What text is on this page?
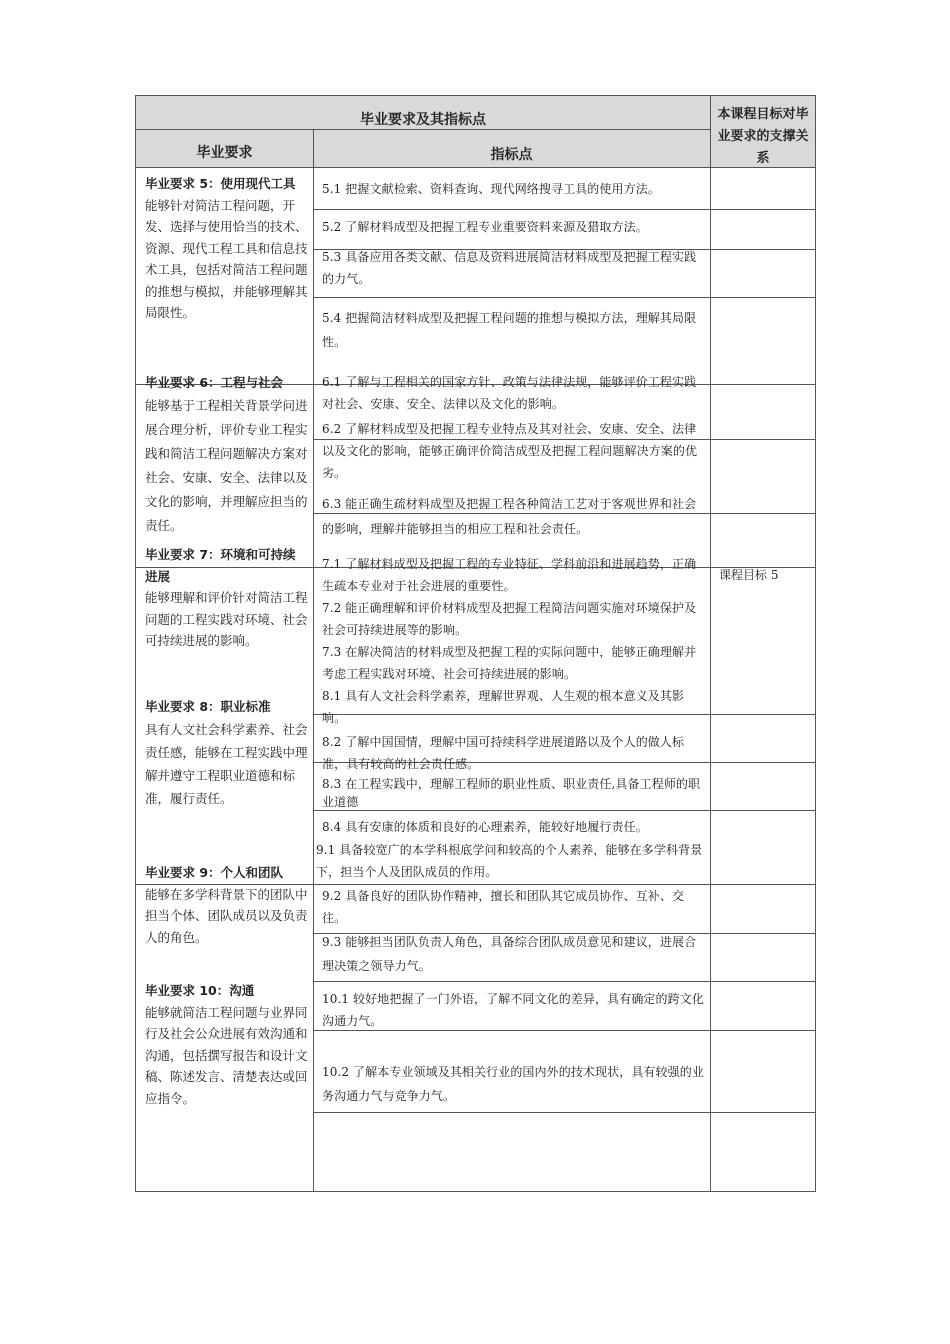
毕业要求及其指标点
毕业要求	指标点
本课程目标对毕业要求的支撑关系
毕业要求 5：使用现代工具
能够针对简洁工程问题，开发、选择与使用恰当的技术、资源、现代工程工具和信息技术工具，包括对简洁工程问题的推想与模拟，并能够理解其局限性。
毕业要求 6：工程与社会
能够基于工程相关背景学问进展合理分析，评价专业工程实践和简洁工程问题解决方案对社会、安康、安全、法律以及文化的影响，并理解应担当的责任。
毕业要求 7：环境和可持续进展
能够理解和评价针对简洁工程问题的工程实践对环境、社会可持续进展的影响。
毕业要求 8：职业标准
具有人文社会科学素养、社会责任感，能够在工程实践中理解并遵守工程职业道德和标准，履行责任。
毕业要求 9：个人和团队
能够在多学科背景下的团队中担当个体、团队成员以及负责人的角色。
毕业要求 10：沟通
能够就简洁工程问题与业界同行及社会公众进展有效沟通和沟通，包括撰写报告和设计文稿、陈述发言、清楚表达或回应指令。
5.1 把握文献检索、资料查询、现代网络搜寻工具的使用方法。
5.2 了解材料成型及把握工程专业重要资料来源及猎取方法。
5.3 具备应用各类文献、信息及资料进展简洁材料成型及把握工程实践的力气。
5.4 把握简洁材料成型及把握工程问题的推想与模拟方法，理解其局限性。
6.1 了解与工程相关的国家方针、政策与法律法规，能够评价工程实践对社会、安康、安全、法律以及文化的影响。
6.2 了解材料成型及把握工程专业特点及其对社会、安康、安全、法律以及文化的影响，能够正确评价简洁成型及把握工程问题解决方案的优劣。
6.3 能正确生疏材料成型及把握工程各种简洁工艺对于客观世界和社会的影响，理解并能够担当的相应工程和社会责任。
7.1 了解材料成型及把握工程的专业特征、学科前沿和进展趋势，正确生疏本专业对于社会进展的重要性。
7.2 能正确理解和评价材料成型及把握工程简洁问题实施对环境保护及社会可持续进展等的影响。
7.3 在解决简洁的材料成型及把握工程的实际问题中，能够正确理解并考虑工程实践对环境、社会可持续进展的影响。
8.1 具有人文社会科学素养，理解世界观、人生观的根本意义及其影响。
8.2 了解中国国情，理解中国可持续科学进展道路以及个人的做人标准，具有较高的社会责任感。
8.3 在工程实践中，理解工程师的职业性质、职业责任,具备工程师的职业道德
8.4 具有安康的体质和良好的心理素养，能较好地履行责任。
9.1 具备较宽广的本学科根底学问和较高的个人素养，能够在多学科背景下，担当个人及团队成员的作用。
9.2 具备良好的团队协作精神，擅长和团队其它成员协作、互补、交往。
9.3 能够担当团队负责人角色，具备综合团队成员意见和建议，进展合理决策之领导力气。
10.1 较好地把握了一门外语，了解不同文化的差异，具有确定的跨文化沟通力气。
10.2 了解本专业领域及其相关行业的国内外的技术现状，具有较强的业务沟通力气与竞争力气。
课程目标 5
